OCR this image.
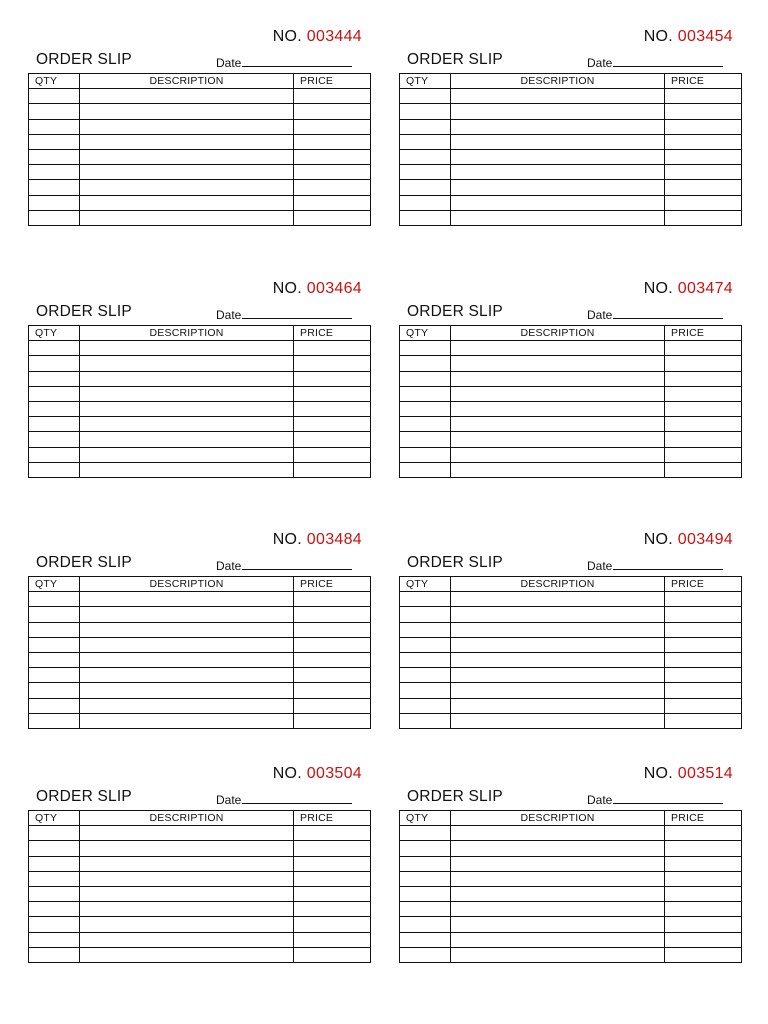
NO. 003444
ORDER SLIP	Date
QTY	DESCRIPTION	PRICE

NO. 003454
ORDER SLIP	Date
QTY	DESCRIPTION	PRICE

NO. 003464
ORDER SLIP	Date
QTY	DESCRIPTION	PRICE

NO. 003474
ORDER SLIP	Date
QTY	DESCRIPTION	PRICE

NO. 003484
ORDER SLIP	Date
QTY	DESCRIPTION	PRICE

NO. 003494
ORDER SLIP	Date
QTY	DESCRIPTION	PRICE

NO. 003504
ORDER SLIP	Date
QTY	DESCRIPTION	PRICE

NO. 003514
ORDER SLIP	Date
QTY	DESCRIPTION	PRICE
